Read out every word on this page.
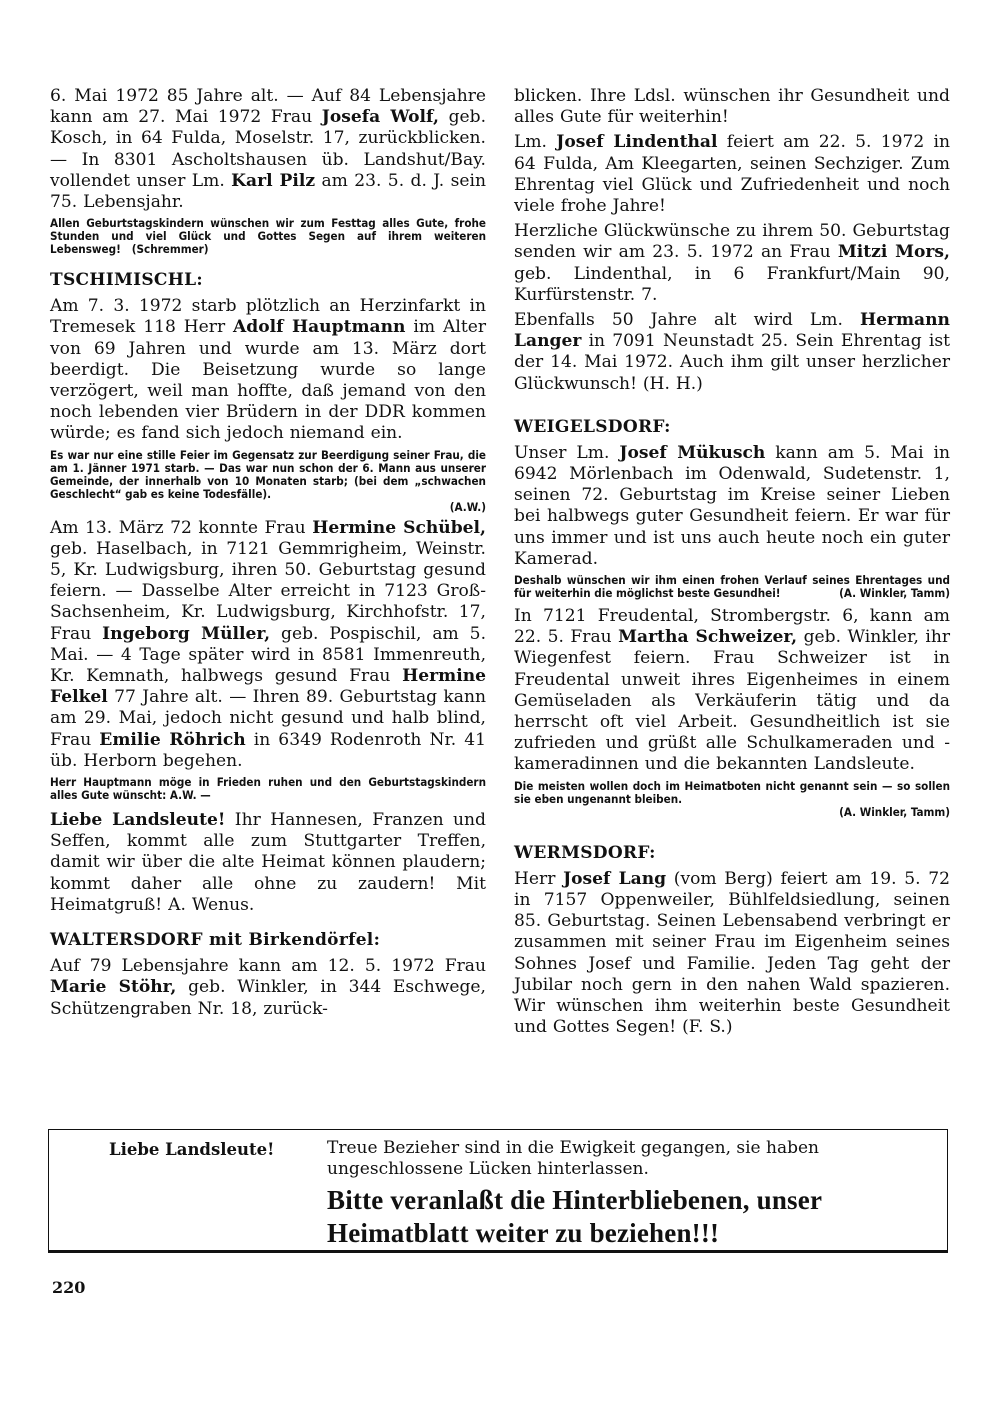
6. Mai 1972 85 Jahre alt. — Auf 84 Lebensjahre kann am 27. Mai 1972 Frau Josefa Wolf, geb. Kosch, in 64 Fulda, Moselstr. 17, zurückblicken. — In 8301 Ascholtshausen üb. Landshut/Bay. vollendet unser Lm. Karl Pilz am 23. 5. d. J. sein 75. Lebensjahr.

Allen Geburtstagskindern wünschen wir zum Festtag alles Gute, frohe Stunden und viel Glück und Gottes Segen auf ihrem weiteren Lebensweg! (Schremmer)

TSCHIMISCHL:

Am 7. 3. 1972 starb plötzlich an Herzinfarkt in Tremesek 118 Herr Adolf Hauptmann im Alter von 69 Jahren und wurde am 13. März dort beerdigt. Die Beisetzung wurde so lange verzögert, weil man hoffte, daß jemand von den noch lebenden vier Brüdern in der DDR kommen würde; es fand sich jedoch niemand ein.

Es war nur eine stille Feier im Gegensatz zur Beerdigung seiner Frau, die am 1. Jänner 1971 starb. — Das war nun schon der 6. Mann aus unserer Gemeinde, der innerhalb von 10 Monaten starb; (bei dem „schwachen Geschlecht“ gab es keine Todesfälle).
(A.W.)

Am 13. März 72 konnte Frau Hermine Schübel, geb. Haselbach, in 7121 Gemmrigheim, Weinstr. 5, Kr. Ludwigsburg, ihren 50. Geburtstag gesund feiern. — Dasselbe Alter erreicht in 7123 Groß-Sachsenheim, Kr. Ludwigsburg, Kirchhofstr. 17, Frau Ingeborg Müller, geb. Pospischil, am 5. Mai. — 4 Tage später wird in 8581 Immenreuth, Kr. Kemnath, halbwegs gesund Frau Hermine Felkel 77 Jahre alt. — Ihren 89. Geburtstag kann am 29. Mai, jedoch nicht gesund und halb blind, Frau Emilie Röhrich in 6349 Rodenroth Nr. 41 üb. Herborn begehen.

Herr Hauptmann möge in Frieden ruhen und den Geburtstagskindern alles Gute wünscht: A.W. —

Liebe Landsleute! Ihr Hannesen, Franzen und Seffen, kommt alle zum Stuttgarter Treffen, damit wir über die alte Heimat können plaudern; kommt daher alle ohne zu zaudern! Mit Heimatgruß! A. Wenus.

WALTERSDORF mit Birkendörfel:

Auf 79 Lebensjahre kann am 12. 5. 1972 Frau Marie Stöhr, geb. Winkler, in 344 Eschwege, Schützengraben Nr. 18, zurück-

blicken. Ihre Ldsl. wünschen ihr Gesundheit und alles Gute für weiterhin!

Lm. Josef Lindenthal feiert am 22. 5. 1972 in 64 Fulda, Am Kleegarten, seinen Sechziger. Zum Ehrentag viel Glück und Zufriedenheit und noch viele frohe Jahre!

Herzliche Glückwünsche zu ihrem 50. Geburtstag senden wir am 23. 5. 1972 an Frau Mitzi Mors, geb. Lindenthal, in 6 Frankfurt/Main 90, Kurfürstenstr. 7.

Ebenfalls 50 Jahre alt wird Lm. Hermann Langer in 7091 Neunstadt 25. Sein Ehrentag ist der 14. Mai 1972. Auch ihm gilt unser herzlicher Glückwunsch! (H. H.)

WEIGELSDORF:

Unser Lm. Josef Mükusch kann am 5. Mai in 6942 Mörlenbach im Odenwald, Sudetenstr. 1, seinen 72. Geburtstag im Kreise seiner Lieben bei halbwegs guter Gesundheit feiern. Er war für uns immer und ist uns auch heute noch ein guter Kamerad.

Deshalb wünschen wir ihm einen frohen Verlauf seines Ehrentages und für weiterhin die möglichst beste Gesundhei!	(A. Winkler, Tamm)

In 7121 Freudental, Strombergstr. 6, kann am 22. 5. Frau Martha Schweizer, geb. Winkler, ihr Wiegenfest feiern. Frau Schweizer ist in Freudental unweit ihres Eigenheimes in einem Gemüseladen als Verkäuferin tätig und da herrscht oft viel Arbeit. Gesundheitlich ist sie zufrieden und grüßt alle Schulkameraden und -kameradinnen und die bekannten Landsleute.

Die meisten wollen doch im Heimatboten nicht genannt sein — so sollen sie eben ungenannt bleiben.
(A. Winkler, Tamm)

WERMSDORF:

Herr Josef Lang (vom Berg) feiert am 19. 5. 72 in 7157 Oppenweiler, Bühlfeldsiedlung, seinen 85. Geburtstag. Seinen Lebensabend verbringt er zusammen mit seiner Frau im Eigenheim seines Sohnes Josef und Familie. Jeden Tag geht der Jubilar noch gern in den nahen Wald spazieren. Wir wünschen ihm weiterhin beste Gesundheit und Gottes Segen! (F. S.)

Liebe Landsleute!	Treue Bezieher sind in die Ewigkeit gegangen, sie haben ungeschlossene Lücken hinterlassen.
Bitte veranlaßt die Hinterbliebenen, unser
Heimatblatt weiter zu beziehen!!!
220
